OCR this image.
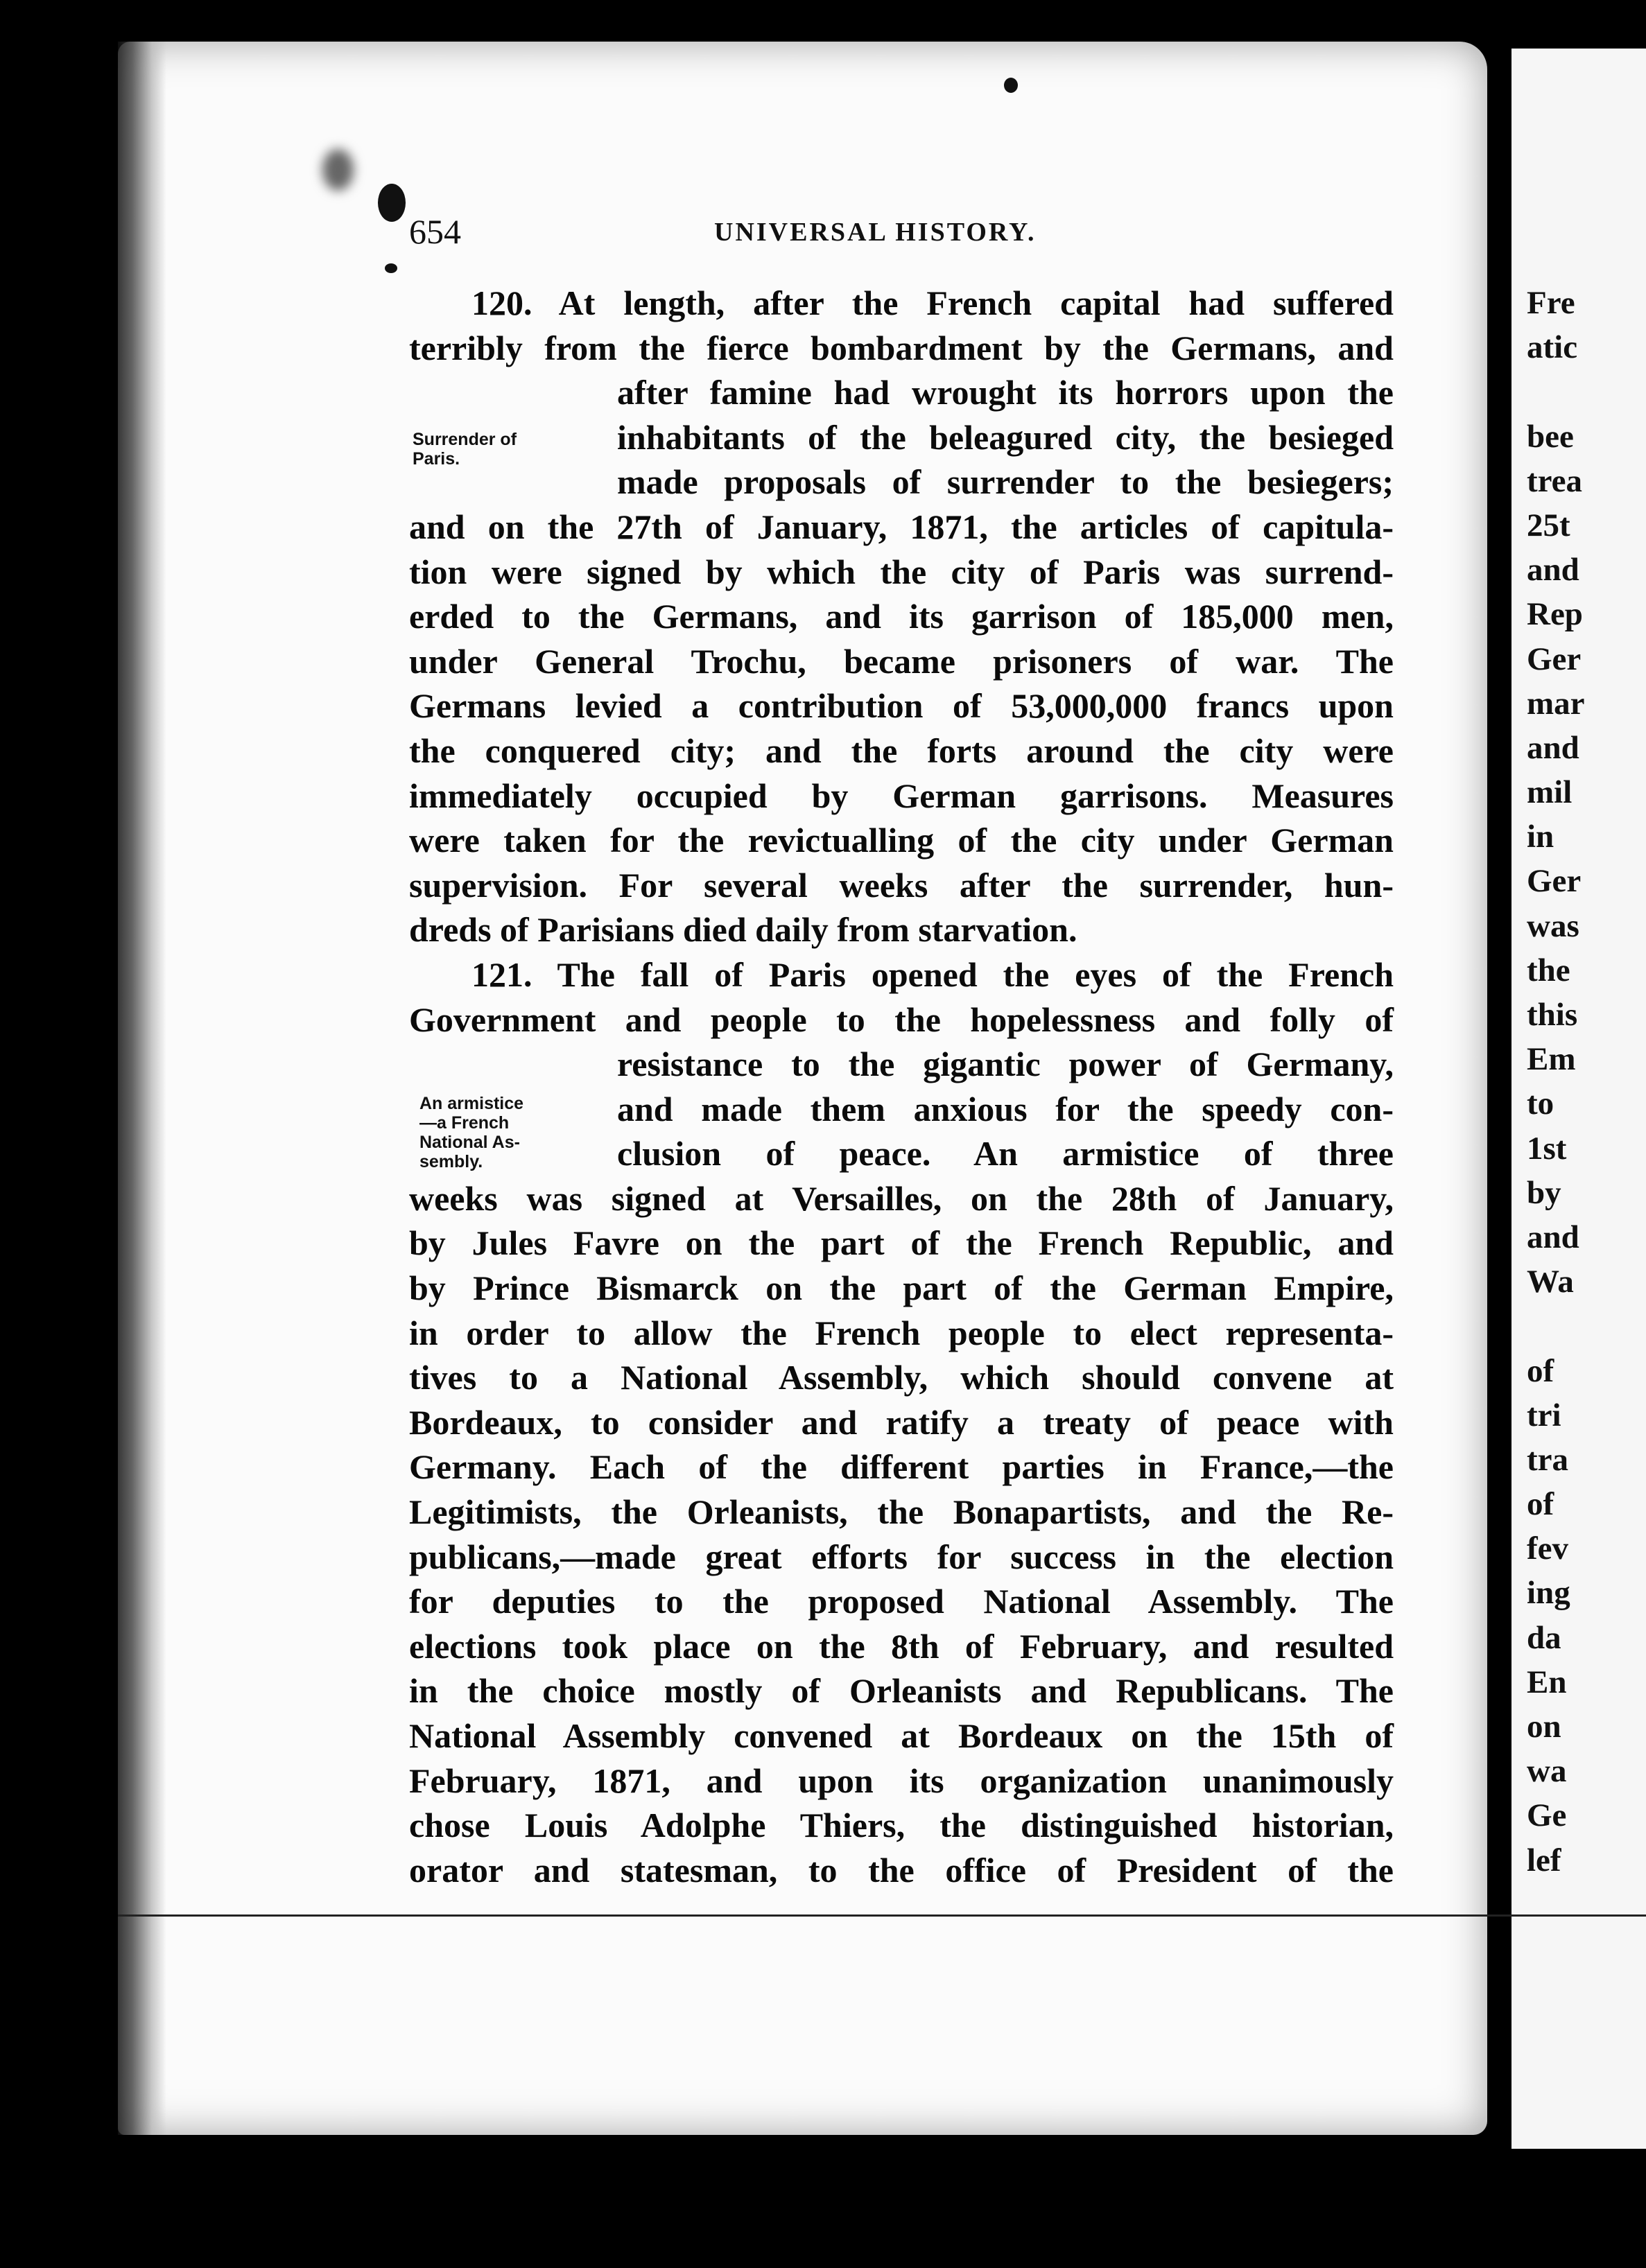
Fre
atic
bee
trea
25t
and
Rep
Ger
mar
and
mil
in
Ger
was
the
this
Em
to
1st
by
and
Wa
of
tri
tra
of
fev
ing
da
En
on
wa
Ge
lef
654	UNIVERSAL HISTORY.
Surrender of
Paris.
An armistice
—a French
National As-
sembly.
120. At length, after the French capital had suffered
terribly from the fierce bombardment by the Germans, and
after famine had wrought its horrors upon the
inhabitants of the beleagured city, the besieged
made proposals of surrender to the besiegers;
and on the 27th of January, 1871, the articles of capitula-
tion were signed by which the city of Paris was surrend-
erded to the Germans, and its garrison of 185,000 men,
under General Trochu, became prisoners of war. The
Germans levied a contribution of 53,000,000 francs upon
the conquered city; and the forts around the city were
immediately occupied by German garrisons. Measures
were taken for the revictualling of the city under German
supervision. For several weeks after the surrender, hun-
dreds of Parisians died daily from starvation.
121. The fall of Paris opened the eyes of the French
Government and people to the hopelessness and folly of
resistance to the gigantic power of Germany,
and made them anxious for the speedy con-
clusion of peace. An armistice of three
weeks was signed at Versailles, on the 28th of January,
by Jules Favre on the part of the French Republic, and
by Prince Bismarck on the part of the German Empire,
in order to allow the French people to elect representa-
tives to a National Assembly, which should convene at
Bordeaux, to consider and ratify a treaty of peace with
Germany. Each of the different parties in France,—the
Legitimists, the Orleanists, the Bonapartists, and the Re-
publicans,—made great efforts for success in the election
for deputies to the proposed National Assembly. The
elections took place on the 8th of February, and resulted
in the choice mostly of Orleanists and Republicans. The
National Assembly convened at Bordeaux on the 15th of
February, 1871, and upon its organization unanimously
chose Louis Adolphe Thiers, the distinguished historian,
orator and statesman, to the office of President of the
